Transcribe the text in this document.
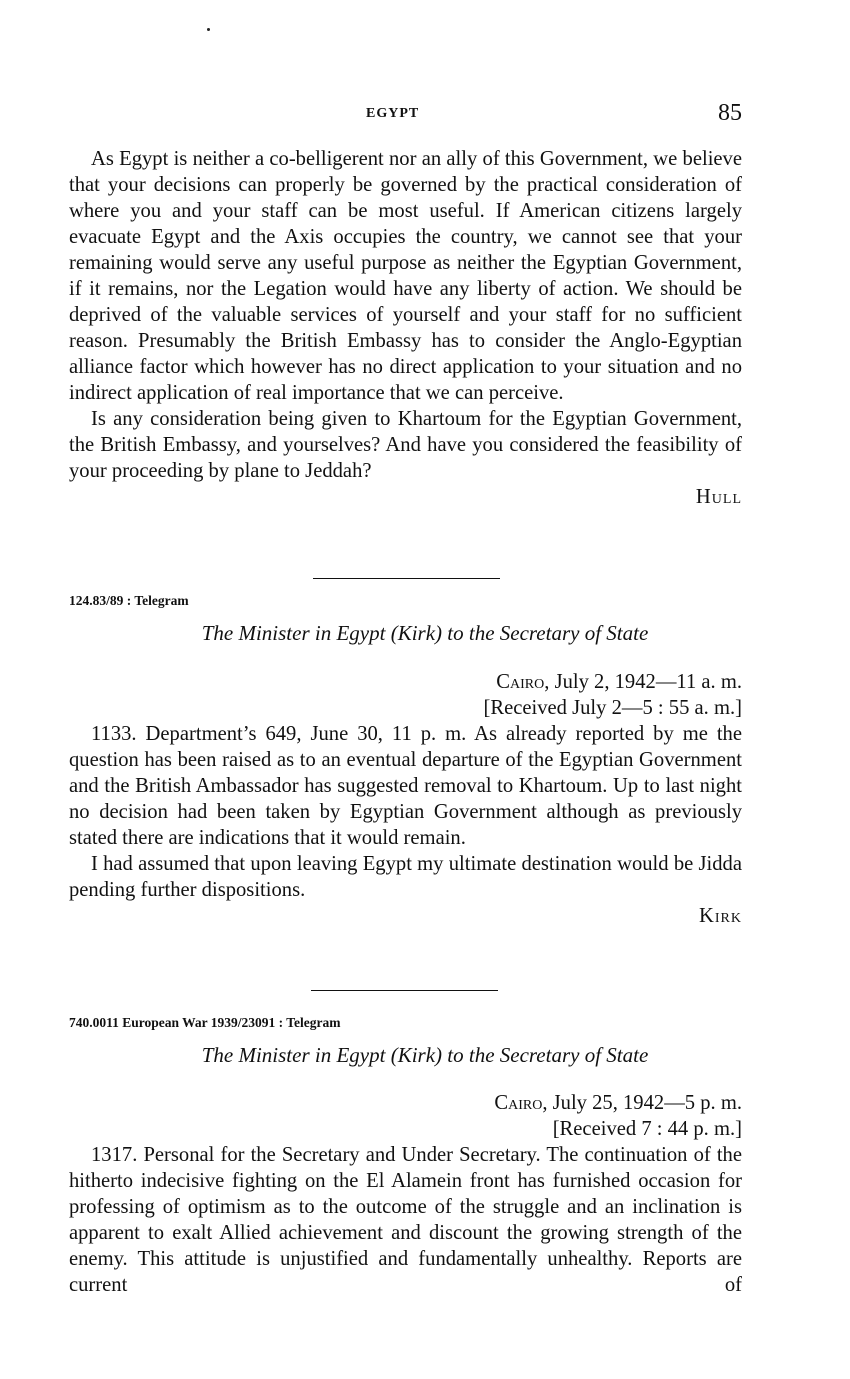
EGYPT	85

As Egypt is neither a co-belligerent nor an ally of this Government, we believe that your decisions can properly be governed by the practical consideration of where you and your staff can be most useful. If American citizens largely evacuate Egypt and the Axis occupies the country, we cannot see that your remaining would serve any useful purpose as neither the Egyptian Government, if it remains, nor the Legation would have any liberty of action. We should be deprived of the valuable services of yourself and your staff for no sufficient reason. Presumably the British Embassy has to consider the Anglo-Egyptian alliance factor which however has no direct application to your situation and no indirect application of real importance that we can perceive.

Is any consideration being given to Khartoum for the Egyptian Government, the British Embassy, and yourselves? And have you considered the feasibility of your proceeding by plane to Jeddah?

Hull
124.83/89 : Telegram
The Minister in Egypt (Kirk) to the Secretary of State
Cairo, July 2, 1942—11 a. m.
[Received July 2—5 : 55 a. m.]

1133. Department’s 649, June 30, 11 p. m. As already reported by me the question has been raised as to an eventual departure of the Egyptian Government and the British Ambassador has suggested removal to Khartoum. Up to last night no decision had been taken by Egyptian Government although as previously stated there are indications that it would remain.

I had assumed that upon leaving Egypt my ultimate destination would be Jidda pending further dispositions.

Kirk
740.0011 European War 1939/23091 : Telegram
The Minister in Egypt (Kirk) to the Secretary of State
Cairo, July 25, 1942—5 p. m.
[Received 7 : 44 p. m.]

1317. Personal for the Secretary and Under Secretary. The continuation of the hitherto indecisive fighting on the El Alamein front has furnished occasion for professing of optimism as to the outcome of the struggle and an inclination is apparent to exalt Allied achievement and discount the growing strength of the enemy. This attitude is unjustified and fundamentally unhealthy. Reports are current of
